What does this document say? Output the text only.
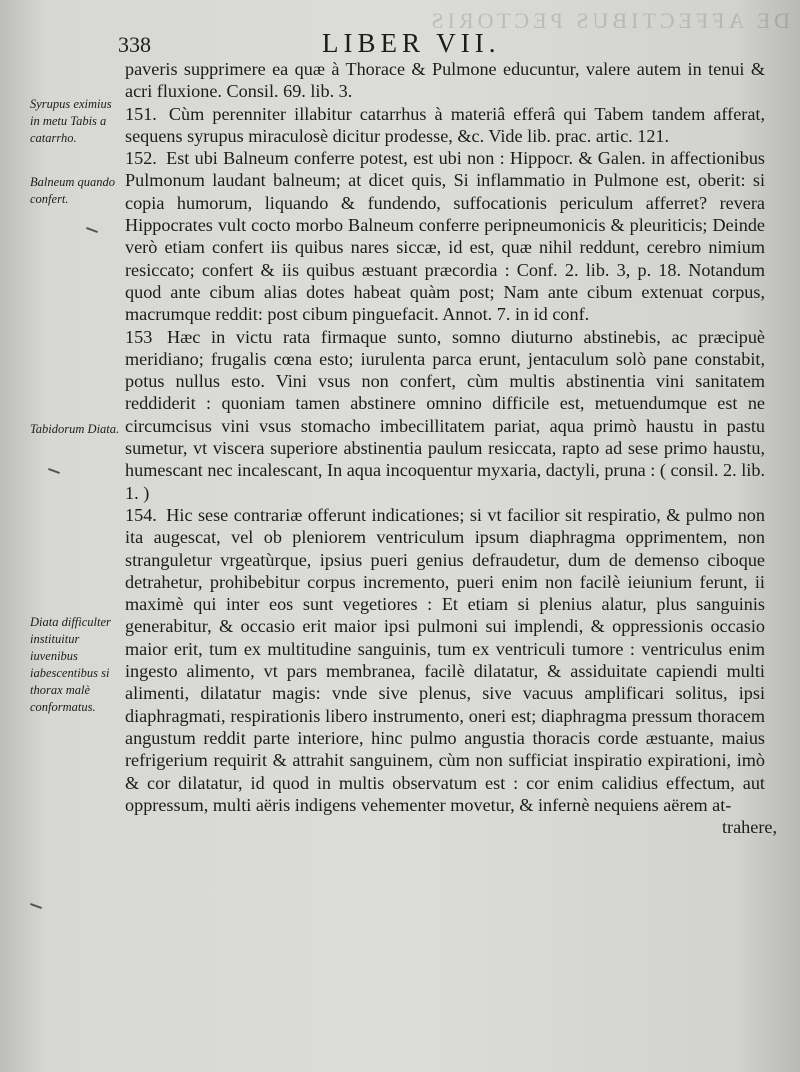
DE AFFECTIBUS PECTORIS
338	LIBER VII.
Syrupus eximius in metu Tabis a catarrho.
Balneum quando confert.
Tabidorum Diata.
Diata difficulter instituitur iuvenibus iabescentibus si thorax malè conformatus.

paveris supprimere ea quæ à Thorace & Pulmone educuntur, valere autem in tenui & acri fluxione. Consil. 69. lib. 3.

151. Cùm perenniter illabitur catarrhus à materiâ efferâ qui Tabem tandem afferat, sequens syrupus miraculosè dicitur prodesse, &c. Vide lib. prac. artic. 121.

152. Est ubi Balneum conferre potest, est ubi non : Hippocr. & Galen. in affectionibus Pulmonum laudant balneum; at dicet quis, Si inflammatio in Pulmone est, oberit: si copia humorum, liquando & fundendo, suffocationis periculum afferret? revera Hippocrates vult cocto morbo Balneum conferre peripneumonicis & pleuriticis; Deinde verò etiam confert iis quibus nares siccæ, id est, quæ nihil reddunt, cerebro nimium resiccato; confert & iis quibus æstuant præcordia : Conf. 2. lib. 3, p. 18. Notandum quod ante cibum alias dotes habeat quàm post; Nam ante cibum extenuat corpus, macrumque reddit: post cibum pinguefacit. Annot. 7. in id conf.

153 Hæc in victu rata firmaque sunto, somno diuturno abstinebis, ac præcipuè meridiano; frugalis cœna esto; iurulenta parca erunt, jentaculum solò pane constabit, potus nullus esto. Vini vsus non confert, cùm multis abstinentia vini sanitatem reddiderit : quoniam tamen abstinere omnino difficile est, metuendumque est ne circumcisus vini vsus stomacho imbecillitatem pariat, aqua primò haustu in pastu sumetur, vt viscera superiore abstinentia paulum resiccata, rapto ad sese primo haustu, humescant nec incalescant, In aqua incoquentur myxaria, dactyli, pruna : ( consil. 2. lib. 1. )

154. Hic sese contrariæ offerunt indicationes; si vt facilior sit respiratio, & pulmo non ita augescat, vel ob pleniorem ventriculum ipsum diaphragma opprimentem, non stranguletur vrgeatùrque, ipsius pueri genius defraudetur, dum de demenso ciboque detrahetur, prohibebitur corpus incremento, pueri enim non facilè ieiunium ferunt, ii maximè qui inter eos sunt vegetiores : Et etiam si plenius alatur, plus sanguinis generabitur, & occasio erit maior ipsi pulmoni sui implendi, & oppressionis occasio maior erit, tum ex multitudine sanguinis, tum ex ventriculi tumore : ventriculus enim ingesto alimento, vt pars membranea, facilè dilatatur, & assiduitate capiendi multi alimenti, dilatatur magis: vnde sive plenus, sive vacuus amplificari solitus, ipsi diaphragmati, respirationis libero instrumento, oneri est; diaphragma pressum thoracem angustum reddit parte interiore, hinc pulmo angustia thoracis corde æstuante, maius refrigerium requirit & attrahit sanguinem, cùm non sufficiat inspiratio expirationi, imò & cor dilatatur, id quod in multis observatum est : cor enim calidius effectum, aut oppressum, multi aëris indigens vehementer movetur, & infernè nequiens aërem at-

trahere,
